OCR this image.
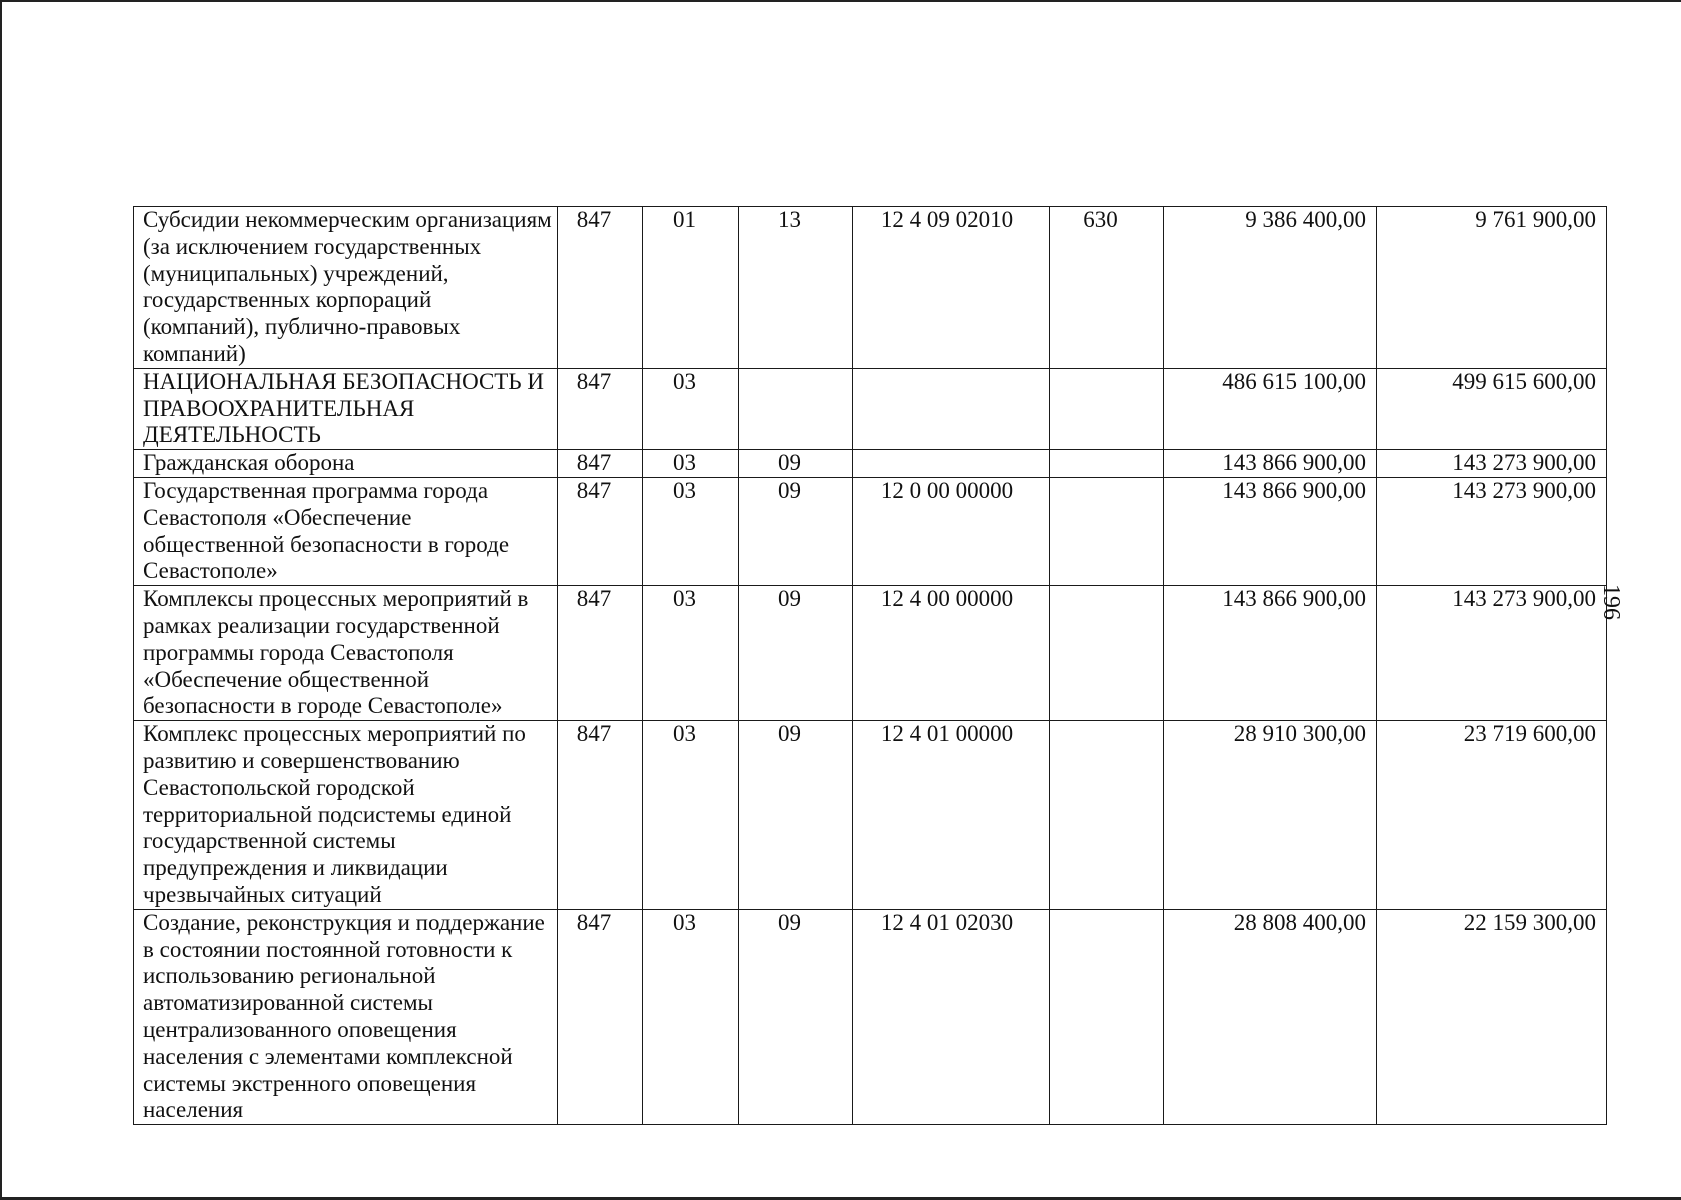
Субсидии некоммерческим организациям (за исключением государственных (муниципальных) учреждений, государственных корпораций (компаний), публично-правовых компаний)	847	01	13	12 4 09 02010	630	9 386 400,00	9 761 900,00
НАЦИОНАЛЬНАЯ БЕЗОПАСНОСТЬ И ПРАВООХРАНИТЕЛЬНАЯ ДЕЯТЕЛЬНОСТЬ	847	03				486 615 100,00	499 615 600,00
Гражданская оборона	847	03	09			143 866 900,00	143 273 900,00
Государственная программа города Севастополя «Обеспечение общественной безопасности в городе Севастополе»	847	03	09	12 0 00 00000		143 866 900,00	143 273 900,00
Комплексы процессных мероприятий в рамках реализации государственной программы города Севастополя «Обеспечение общественной безопасности в городе Севастополе»	847	03	09	12 4 00 00000		143 866 900,00	143 273 900,00
Комплекс процессных мероприятий по развитию и совершенствованию Севастопольской городской территориальной подсистемы единой государственной системы предупреждения и ликвидации чрезвычайных ситуаций	847	03	09	12 4 01 00000		28 910 300,00	23 719 600,00
Создание, реконструкция и поддержание в состоянии постоянной готовности к использованию региональной автоматизированной системы централизованного оповещения населения с элементами комплексной системы экстренного оповещения населения	847	03	09	12 4 01 02030		28 808 400,00	22 159 300,00
196
